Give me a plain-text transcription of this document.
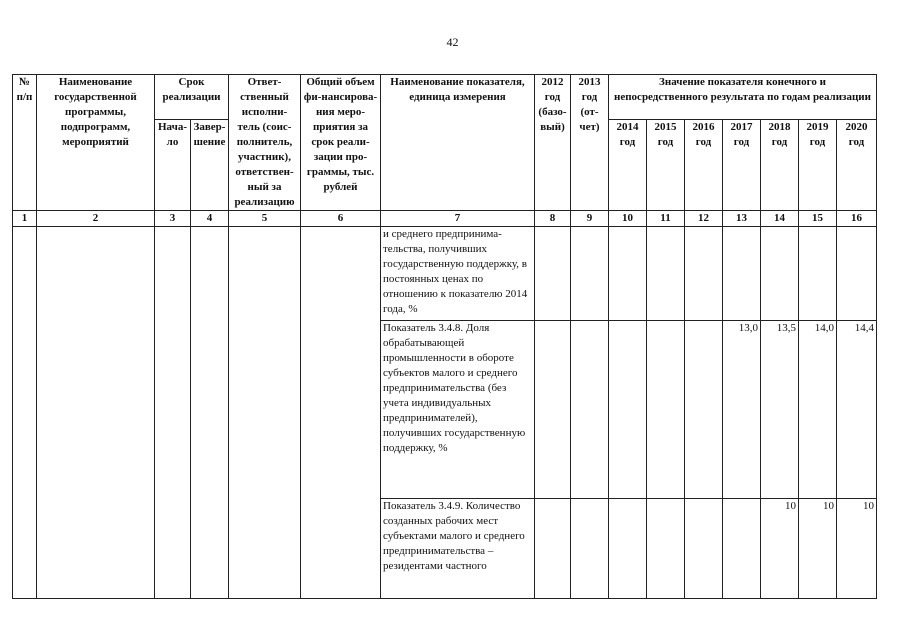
42
№ п/п	Наименование государственной программы, подпрограмм, мероприятий	Срок реализации		Ответ-ственный исполни-тель (соис-полнитель, участник), ответствен-ный за реализацию	Общий объем фи-нансирова-ния меро-приятия за срок реали-зации про-граммы, тыс. рублей	Наименование показателя, единица измерения	2012 год (базо-вый)	2013 год (от-чет)	Значение показателя конечного и непосредственного результата по годам реализации						
		Нача-ло	Завер-шение						2014 год	2015 год	2016 год	2017 год	2018 год	2019 год	2020 год
1	2	3	4	5	6	7	8	9	10	11	12	13	14	15	16
						и среднего предпринима-тельства, получивших государственную поддержку, в постоянных ценах по отношению к показателю 2014 года, %									
						Показатель 3.4.8. Доля обрабатывающей промышленности в обороте субъектов малого и среднего предпринимательства (без учета индивидуальных предпринимателей), получивших государственную поддержку, %						13,0	13,5	14,0	14,4
						Показатель 3.4.9. Количество созданных рабочих мест субъектами малого и среднего предпринимательства – резидентами частного							10	10	10
